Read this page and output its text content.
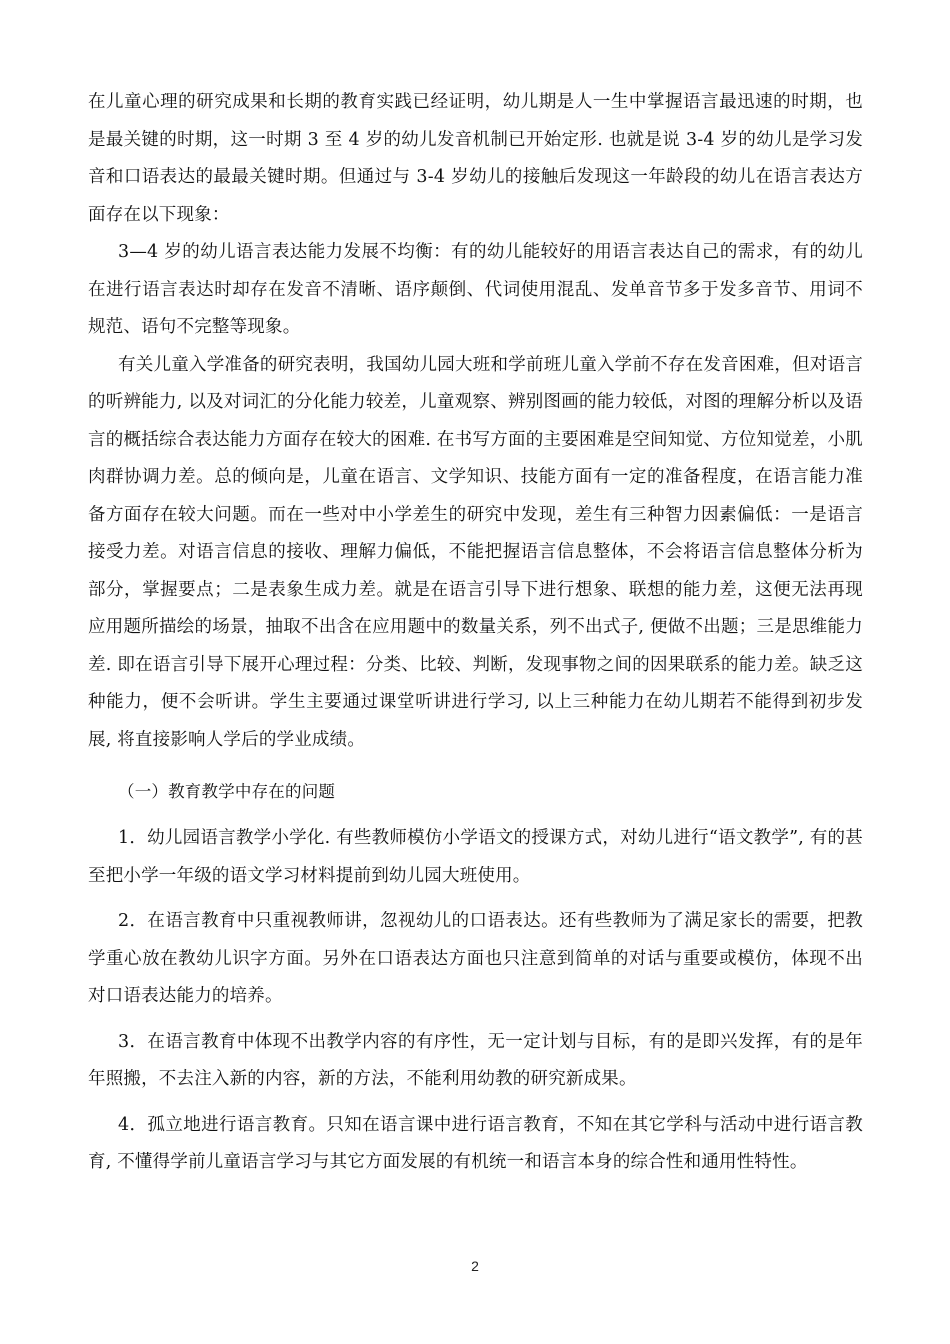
在儿童心理的研究成果和长期的教育实践已经证明，幼儿期是人一生中掌握语言最迅速的时期，也是最关键的时期，这一时期 3 至 4 岁的幼儿发音机制已开始定形. 也就是说 3-4 岁的幼儿是学习发音和口语表达的最最关键时期。但通过与 3-4 岁幼儿的接触后发现这一年龄段的幼儿在语言表达方面存在以下现象：

3—4 岁的幼儿语言表达能力发展不均衡：有的幼儿能较好的用语言表达自己的需求，有的幼儿在进行语言表达时却存在发音不清晰、语序颠倒、代词使用混乱、发单音节多于发多音节、用词不规范、语句不完整等现象。

有关儿童入学准备的研究表明，我国幼儿园大班和学前班儿童入学前不存在发音困难，但对语言的听辨能力, 以及对词汇的分化能力较差，儿童观察、辨别图画的能力较低，对图的理解分析以及语言的概括综合表达能力方面存在较大的困难. 在书写方面的主要困难是空间知觉、方位知觉差，小肌肉群协调力差。总的倾向是，儿童在语言、文学知识、技能方面有一定的准备程度，在语言能力准备方面存在较大问题。而在一些对中小学差生的研究中发现，差生有三种智力因素偏低：一是语言接受力差。对语言信息的接收、理解力偏低，不能把握语言信息整体，不会将语言信息整体分析为部分，掌握要点；二是表象生成力差。就是在语言引导下进行想象、联想的能力差，这便无法再现应用题所描绘的场景，抽取不出含在应用题中的数量关系，列不出式子, 便做不出题；三是思维能力差. 即在语言引导下展开心理过程：分类、比较、判断，发现事物之间的因果联系的能力差。缺乏这种能力，便不会听讲。学生主要通过课堂听讲进行学习, 以上三种能力在幼儿期若不能得到初步发展, 将直接影响人学后的学业成绩。

（一）教育教学中存在的问题

1．幼儿园语言教学小学化. 有些教师模仿小学语文的授课方式，对幼儿进行“语文教学”, 有的甚至把小学一年级的语文学习材料提前到幼儿园大班使用。

2．在语言教育中只重视教师讲，忽视幼儿的口语表达。还有些教师为了满足家长的需要，把教学重心放在教幼儿识字方面。另外在口语表达方面也只注意到简单的对话与重要或模仿，体现不出对口语表达能力的培养。

3．在语言教育中体现不出教学内容的有序性，无一定计划与目标，有的是即兴发挥，有的是年年照搬，不去注入新的内容，新的方法，不能利用幼教的研究新成果。

4．孤立地进行语言教育。只知在语言课中进行语言教育，不知在其它学科与活动中进行语言教育, 不懂得学前儿童语言学习与其它方面发展的有机统一和语言本身的综合性和通用性特性。

2
